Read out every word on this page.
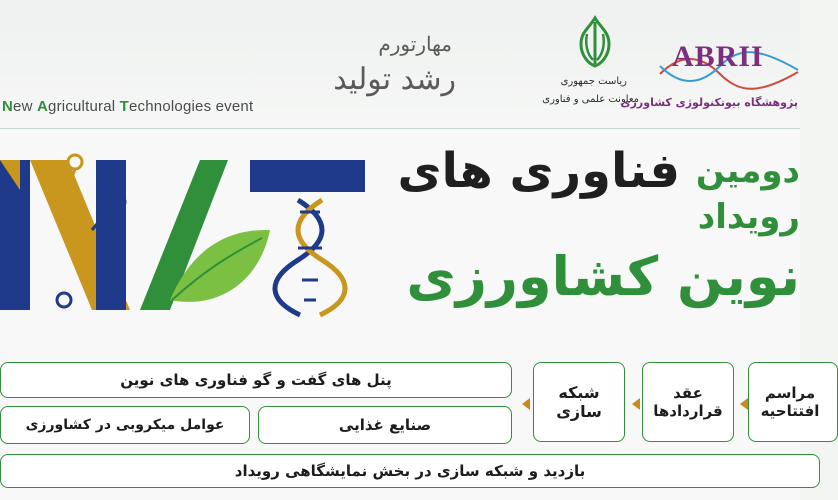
New Agricultural Technologies event
مهارتورم
رشد تولید	ریاست جمهوری
معاونت علمی و فناوری
ABRII
پژوهشگاه بیوتکنولوژی کشاورزی
دومین
فناوری های
رویداد
نوین کشاورزی
پنل های گفت و گو فناوری های نوین
صنایع غذایی
عوامل میکروبی در کشاورزی
شبکه سازی
عقد قراردادها
مراسم افتتاحیه
بازدید و شبکه سازی در بخش نمایشگاهی رویداد
